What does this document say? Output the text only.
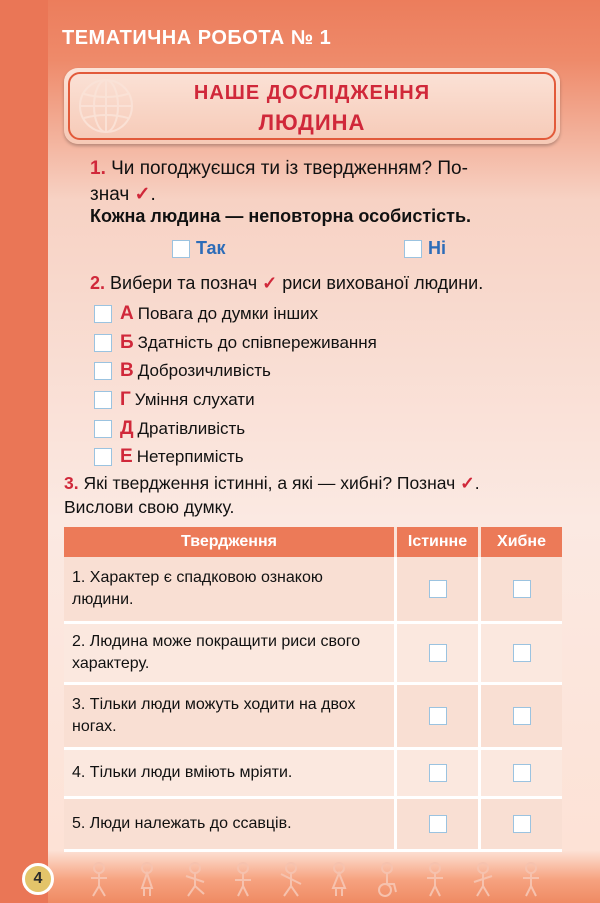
ТЕМАТИЧНА РОБОТА № 1
НАШЕ ДОСЛІДЖЕННЯ
ЛЮДИНА
1. Чи погоджуєшся ти із твердженням? По-
знач ✓.
Кожна людина — неповторна особистість.
Так	Ні
2. Вибери та познач ✓ риси вихованої людини.
А Повага до думки інших
Б Здатність до співпереживання
В Доброзичливість
Г Уміння слухати
Д Дратівливість
Е Нетерпимість
3. Які твердження істинні, а які — хибні? Познач ✓.
Вислови свою думку.
Твердження	Істинне	Хибне
1. Характер є спадковою ознакою людини.
2. Людина може покращити риси свого характеру.
3. Тільки люди можуть ходити на двох ногах.
4. Тільки люди вміють мріяти.
5. Люди належать до ссавців.
4
